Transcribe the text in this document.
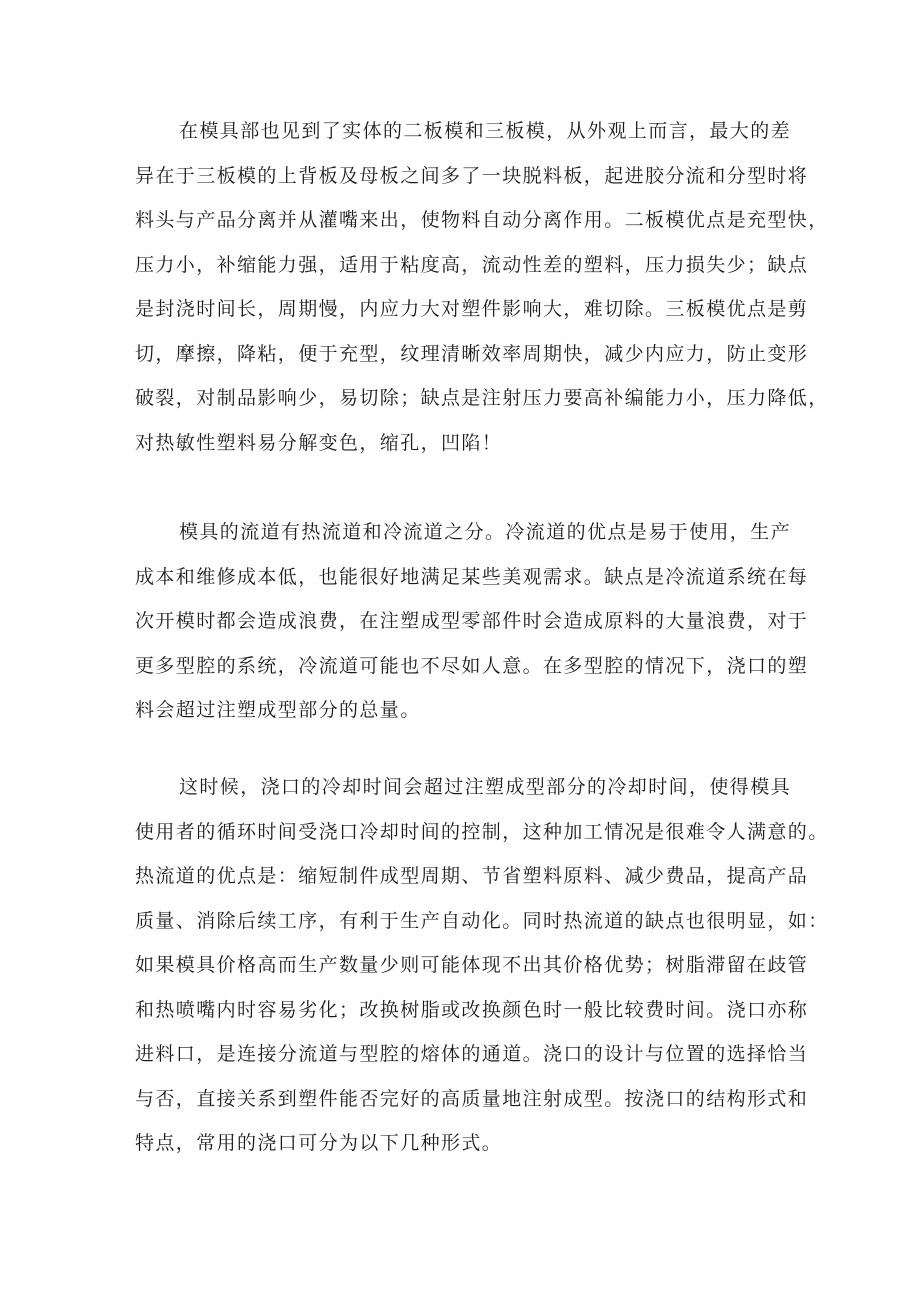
在模具部也见到了实体的二板模和三板模，从外观上而言，最大的差
异在于三板模的上背板及母板之间多了一块脱料板，起进胶分流和分型时将
料头与产品分离并从灌嘴来出，使物料自动分离作用。二板模优点是充型快，
压力小，补缩能力强，适用于粘度高，流动性差的塑料，压力损失少；缺点
是封浇时间长，周期慢，内应力大对塑件影响大，难切除。三板模优点是剪
切，摩擦，降粘，便于充型，纹理清晰效率周期快，减少内应力，防止变形
破裂，对制品影响少，易切除；缺点是注射压力要高补编能力小，压力降低，
对热敏性塑料易分解变色，缩孔，凹陷！
模具的流道有热流道和冷流道之分。冷流道的优点是易于使用，生产
成本和维修成本低，也能很好地满足某些美观需求。缺点是冷流道系统在每
次开模时都会造成浪费，在注塑成型零部件时会造成原料的大量浪费，对于
更多型腔的系统，冷流道可能也不尽如人意。在多型腔的情况下，浇口的塑
料会超过注塑成型部分的总量。
这时候，浇口的冷却时间会超过注塑成型部分的冷却时间，使得模具
使用者的循环时间受浇口冷却时间的控制，这种加工情况是很难令人满意的。
热流道的优点是：缩短制件成型周期、节省塑料原料、减少费品，提高产品
质量、消除后续工序，有利于生产自动化。同时热流道的缺点也很明显，如：
如果模具价格高而生产数量少则可能体现不出其价格优势；树脂滞留在歧管
和热喷嘴内时容易劣化；改换树脂或改换颜色时一般比较费时间。浇口亦称
进料口，是连接分流道与型腔的熔体的通道。浇口的设计与位置的选择恰当
与否，直接关系到塑件能否完好的高质量地注射成型。按浇口的结构形式和
特点，常用的浇口可分为以下几种形式。
